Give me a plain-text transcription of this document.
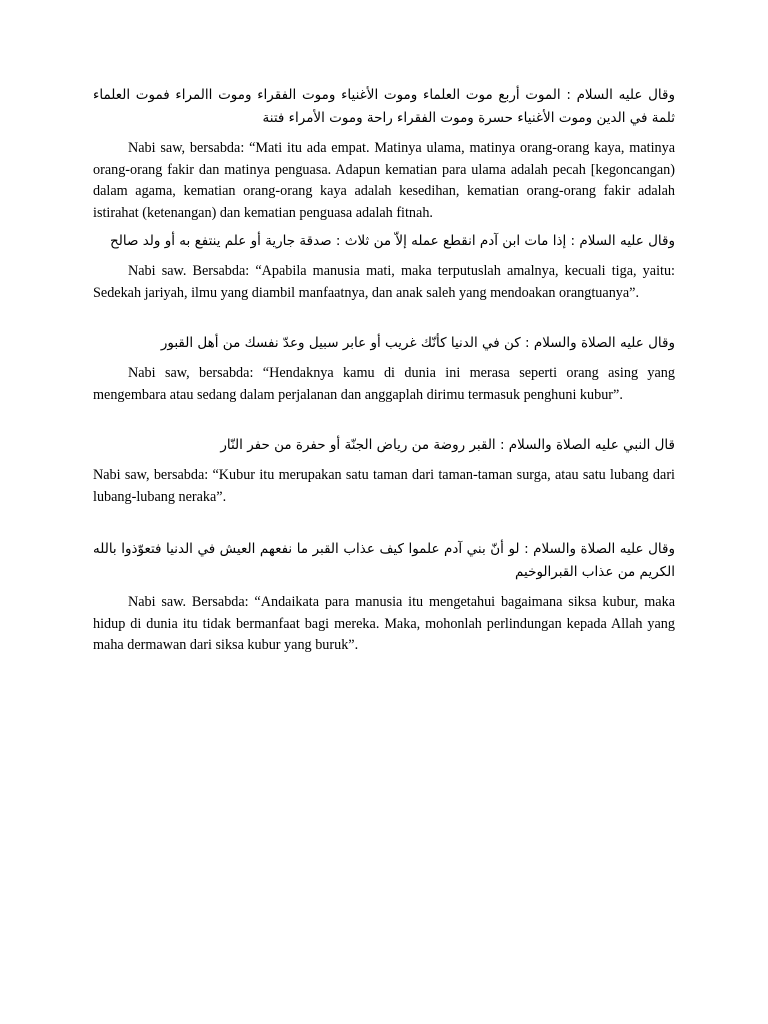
وقال عليه السلام : الموت أربع موت العلماء وموت الأغنياء وموت الفقراء وموت االمراء فموت العلماء ثلمة في الدين وموت الأغنياء حسرة وموت الفقراء راحة وموت الأمراء فتنة

Nabi saw, bersabda: “Mati itu ada empat. Matinya ulama, matinya orang-orang kaya, matinya orang-orang fakir dan matinya penguasa. Adapun kematian para ulama adalah pecah [kegoncangan) dalam agama, kematian orang-orang kaya adalah kesedihan, kematian orang-orang fakir adalah istirahat (ketenangan) dan kematian penguasa adalah fitnah.

وقال عليه السلام : إذا مات ابن آدم انقطع عمله إلاّ من ثلاث : صدقة جارية أو علم ينتفع به أو ولد صالح

Nabi saw. Bersabda: “Apabila manusia mati, maka terputuslah amalnya, kecuali tiga, yaitu: Sedekah jariyah, ilmu yang diambil manfaatnya, dan anak saleh yang mendoakan orangtuanya”.

وقال عليه الصلاة والسلام : كن في الدنيا كأنّك غريب أو عابر سبيل وعدّ نفسك من أهل القبور

Nabi saw, bersabda: “Hendaknya kamu di dunia ini merasa seperti orang asing yang mengembara atau sedang dalam perjalanan dan anggaplah dirimu termasuk penghuni kubur”.

قال النبي عليه الصلاة والسلام : القبر روضة من رياض الجنّة أو حفرة من حفر النّار

Nabi saw, bersabda: “Kubur itu merupakan satu taman dari taman-taman surga, atau satu lubang dari lubang-lubang neraka”.

وقال عليه الصلاة والسلام : لو أنّ بني آدم علموا كيف عذاب القبر ما نفعهم العيش في الدنيا فتعوّذوا بالله الكريم من عذاب القبرالوخيم

Nabi saw. Bersabda: “Andaikata para manusia itu mengetahui bagaimana siksa kubur, maka hidup di dunia itu tidak bermanfaat bagi mereka. Maka, mohonlah perlindungan kepada Allah yang maha dermawan dari siksa kubur yang buruk”.
